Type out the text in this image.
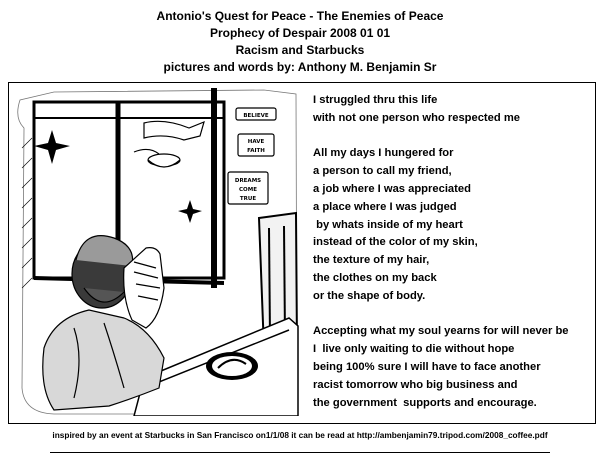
Antonio's Quest for Peace - The Enemies of Peace
Prophecy of Despair 2008 01 01
Racism and Starbucks
pictures and words by: Anthony M. Benjamin Sr
BELIEVE
HAVE
FAITH
DREAMS
COME
TRUE
I struggled thru this life
with not one person who respected me
All my days I hungered for
a person to call my friend,
a job where I was appreciated
a place where I was judged
by whats inside of my heart
instead of the color of my skin,
the texture of my hair,
the clothes on my back
or the shape of body.
Accepting what my soul yearns for will never be
I  live only waiting to die without hope
being 100% sure I will have to face another
racist tomorrow who big business and
the government  supports and encourage.
inspired by an event at Starbucks in San Francisco on1/1/08 it can be read at http://ambenjamin79.tripod.com/2008_coffee.pdf
